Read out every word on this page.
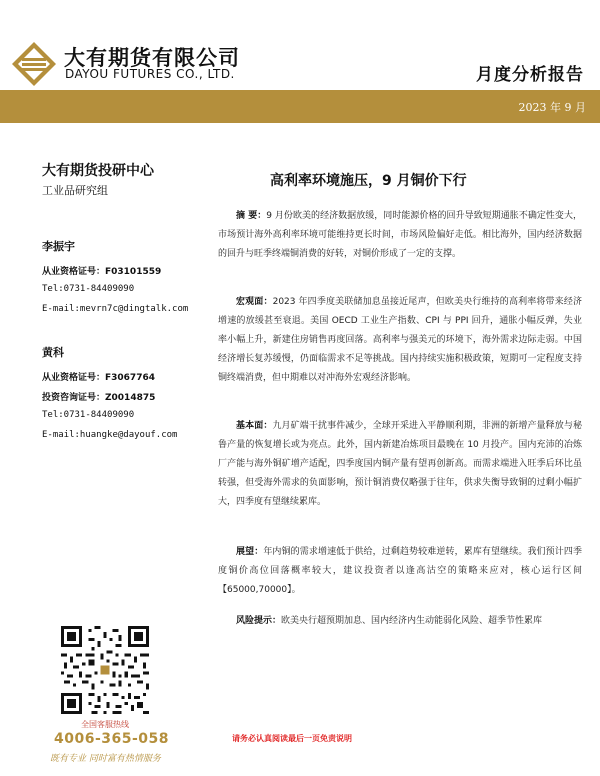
大有期货有限公司
DAYOU FUTURES CO., LTD.	月度分析报告
2023 年 9 月
大有期货投研中心
工业品研究组
李振宇
从业资格证号：F03101559
Tel:0731-84409090
E-mail:mevrn7c@dingtalk.com
黄科
从业资格证号：F3067764
投资咨询证号：Z0014875
Tel:0731-84409090
E-mail:huangke@dayouf.com
全国客服热线
4006-365-058
既有专业 同时富有热情服务
高利率环境施压，9 月铜价下行

摘 要：9 月份欧美的经济数据放缓，同时能源价格的回升导致短期通胀不确定性变大，市场预计海外高利率环境可能维持更长时间，市场风险偏好走低。相比海外，国内经济数据的回升与旺季终端铜消费的好转，对铜价形成了一定的支撑。

宏观面：2023 年四季度美联储加息虽接近尾声，但欧美央行维持的高利率将带来经济增速的放缓甚至衰退。美国 OECD 工业生产指数、CPI 与 PPI 回升，通胀小幅反弹，失业率小幅上升，新建住房销售再度回落。高利率与强美元的环境下，海外需求边际走弱。中国经济增长复苏缓慢，仍面临需求不足等挑战。国内持续实施积极政策，短期可一定程度支持铜终端消费，但中期难以对冲海外宏观经济影响。

基本面：九月矿端干扰事件减少，全球开采进入平静顺利期，非洲的新增产量释放与秘鲁产量的恢复增长或为亮点。此外，国内新建冶炼项目最晚在 10 月投产。国内充沛的冶炼厂产能与海外铜矿增产适配，四季度国内铜产量有望再创新高。而需求端进入旺季后环比虽转强，但受海外需求的负面影响，预计铜消费仅略强于往年，供求失衡导致铜的过剩小幅扩大，四季度有望继续累库。

展望：年内铜的需求增速低于供给，过剩趋势较难逆转，累库有望继续。我们预计四季度铜价高位回落概率较大，建议投资者以逢高沽空的策略来应对，核心运行区间【65000,70000】。

风险提示：欧美央行超预期加息、国内经济内生动能弱化风险、超季节性累库

请务必认真阅读最后一页免责说明
